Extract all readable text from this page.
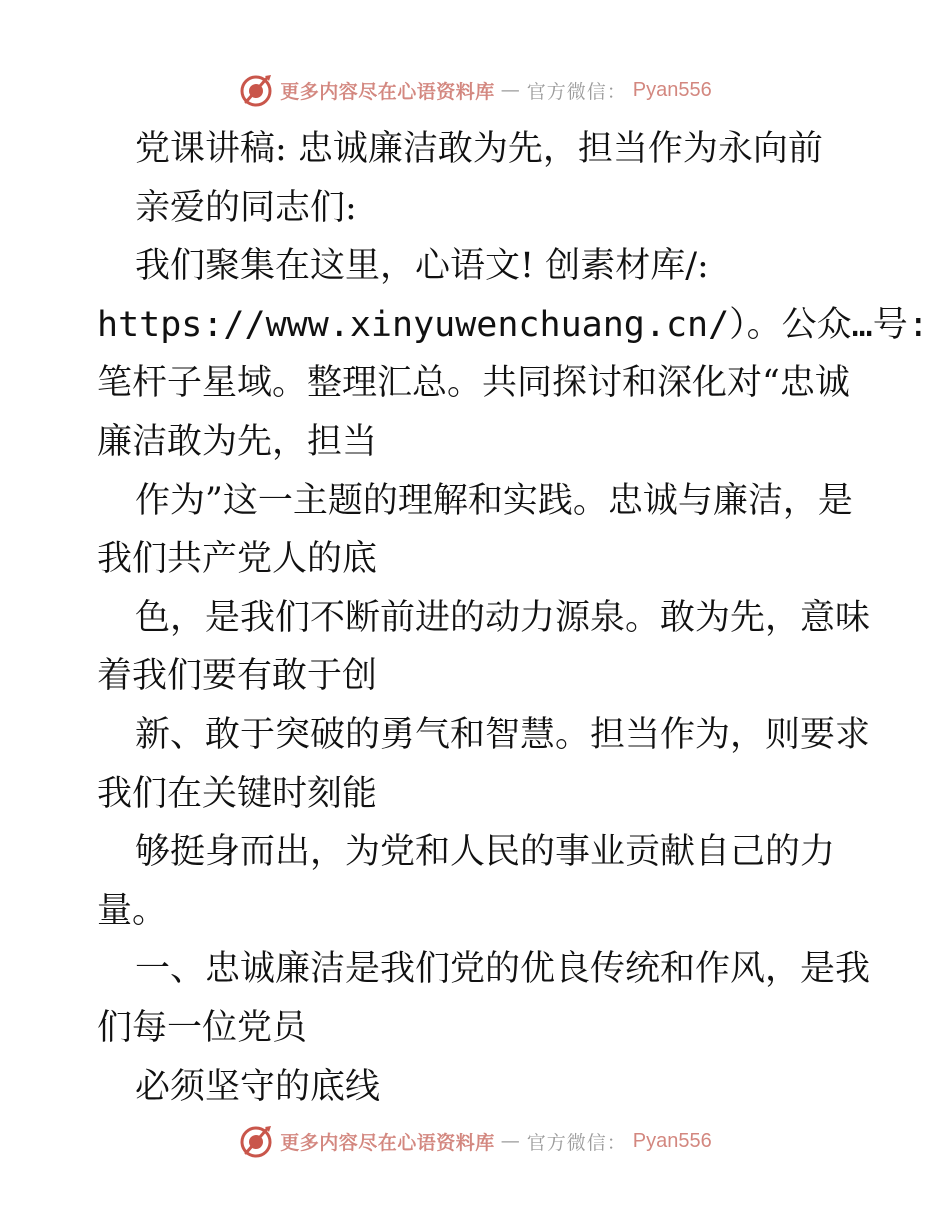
更多内容尽在心语资料库 — 官方微信： Pyan556
党课讲稿: 忠诚廉洁敢为先，担当作为永向前
亲爱的同志们:
我们聚集在这里，心语文! 创素材库/:
https://www.xinyuwenchuang.cn/）。公众…号:
笔杆子星域。整理汇总。共同探讨和深化对“忠诚
廉洁敢为先，担当
作为”这一主题的理解和实践。忠诚与廉洁，是
我们共产党人的底
色，是我们不断前进的动力源泉。敢为先，意味
着我们要有敢于创
新、敢于突破的勇气和智慧。担当作为，则要求
我们在关键时刻能
够挺身而出，为党和人民的事业贡献自己的力
量。
一、忠诚廉洁是我们党的优良传统和作风，是我
们每一位党员
必须坚守的底线
更多内容尽在心语资料库 — 官方微信： Pyan556
